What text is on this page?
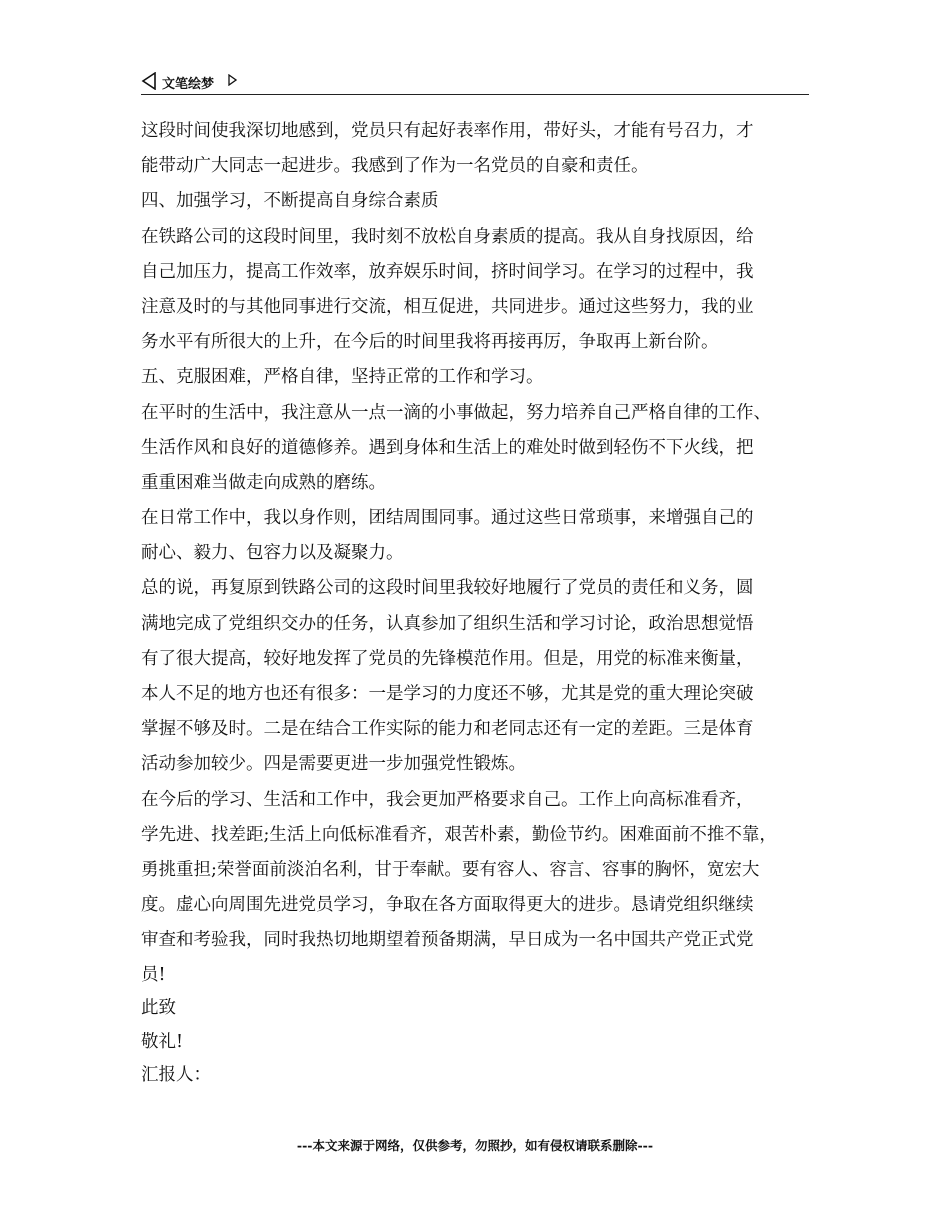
文笔绘梦
这段时间使我深切地感到，党员只有起好表率作用，带好头，才能有号召力，才
能带动广大同志一起进步。我感到了作为一名党员的自豪和责任。
四、加强学习，不断提高自身综合素质
在铁路公司的这段时间里，我时刻不放松自身素质的提高。我从自身找原因，给
自己加压力，提高工作效率，放弃娱乐时间，挤时间学习。在学习的过程中，我
注意及时的与其他同事进行交流，相互促进，共同进步。通过这些努力，我的业
务水平有所很大的上升，在今后的时间里我将再接再厉，争取再上新台阶。
五、克服困难，严格自律，坚持正常的工作和学习。
在平时的生活中，我注意从一点一滴的小事做起，努力培养自己严格自律的工作、
生活作风和良好的道德修养。遇到身体和生活上的难处时做到轻伤不下火线，把
重重困难当做走向成熟的磨练。
在日常工作中，我以身作则，团结周围同事。通过这些日常琐事，来增强自己的
耐心、毅力、包容力以及凝聚力。
总的说，再复原到铁路公司的这段时间里我较好地履行了党员的责任和义务，圆
满地完成了党组织交办的任务，认真参加了组织生活和学习讨论，政治思想觉悟
有了很大提高，较好地发挥了党员的先锋模范作用。但是，用党的标准来衡量，
本人不足的地方也还有很多：一是学习的力度还不够，尤其是党的重大理论突破
掌握不够及时。二是在结合工作实际的能力和老同志还有一定的差距。三是体育
活动参加较少。四是需要更进一步加强党性锻炼。
在今后的学习、生活和工作中，我会更加严格要求自己。工作上向高标准看齐，
学先进、找差距;生活上向低标准看齐，艰苦朴素，勤俭节约。困难面前不推不靠，
勇挑重担;荣誉面前淡泊名利，甘于奉献。要有容人、容言、容事的胸怀，宽宏大
度。虚心向周围先进党员学习，争取在各方面取得更大的进步。恳请党组织继续
审查和考验我，同时我热切地期望着预备期满，早日成为一名中国共产党正式党
员!
此致
敬礼!
汇报人：
---本文来源于网络，仅供参考，勿照抄，如有侵权请联系删除---
